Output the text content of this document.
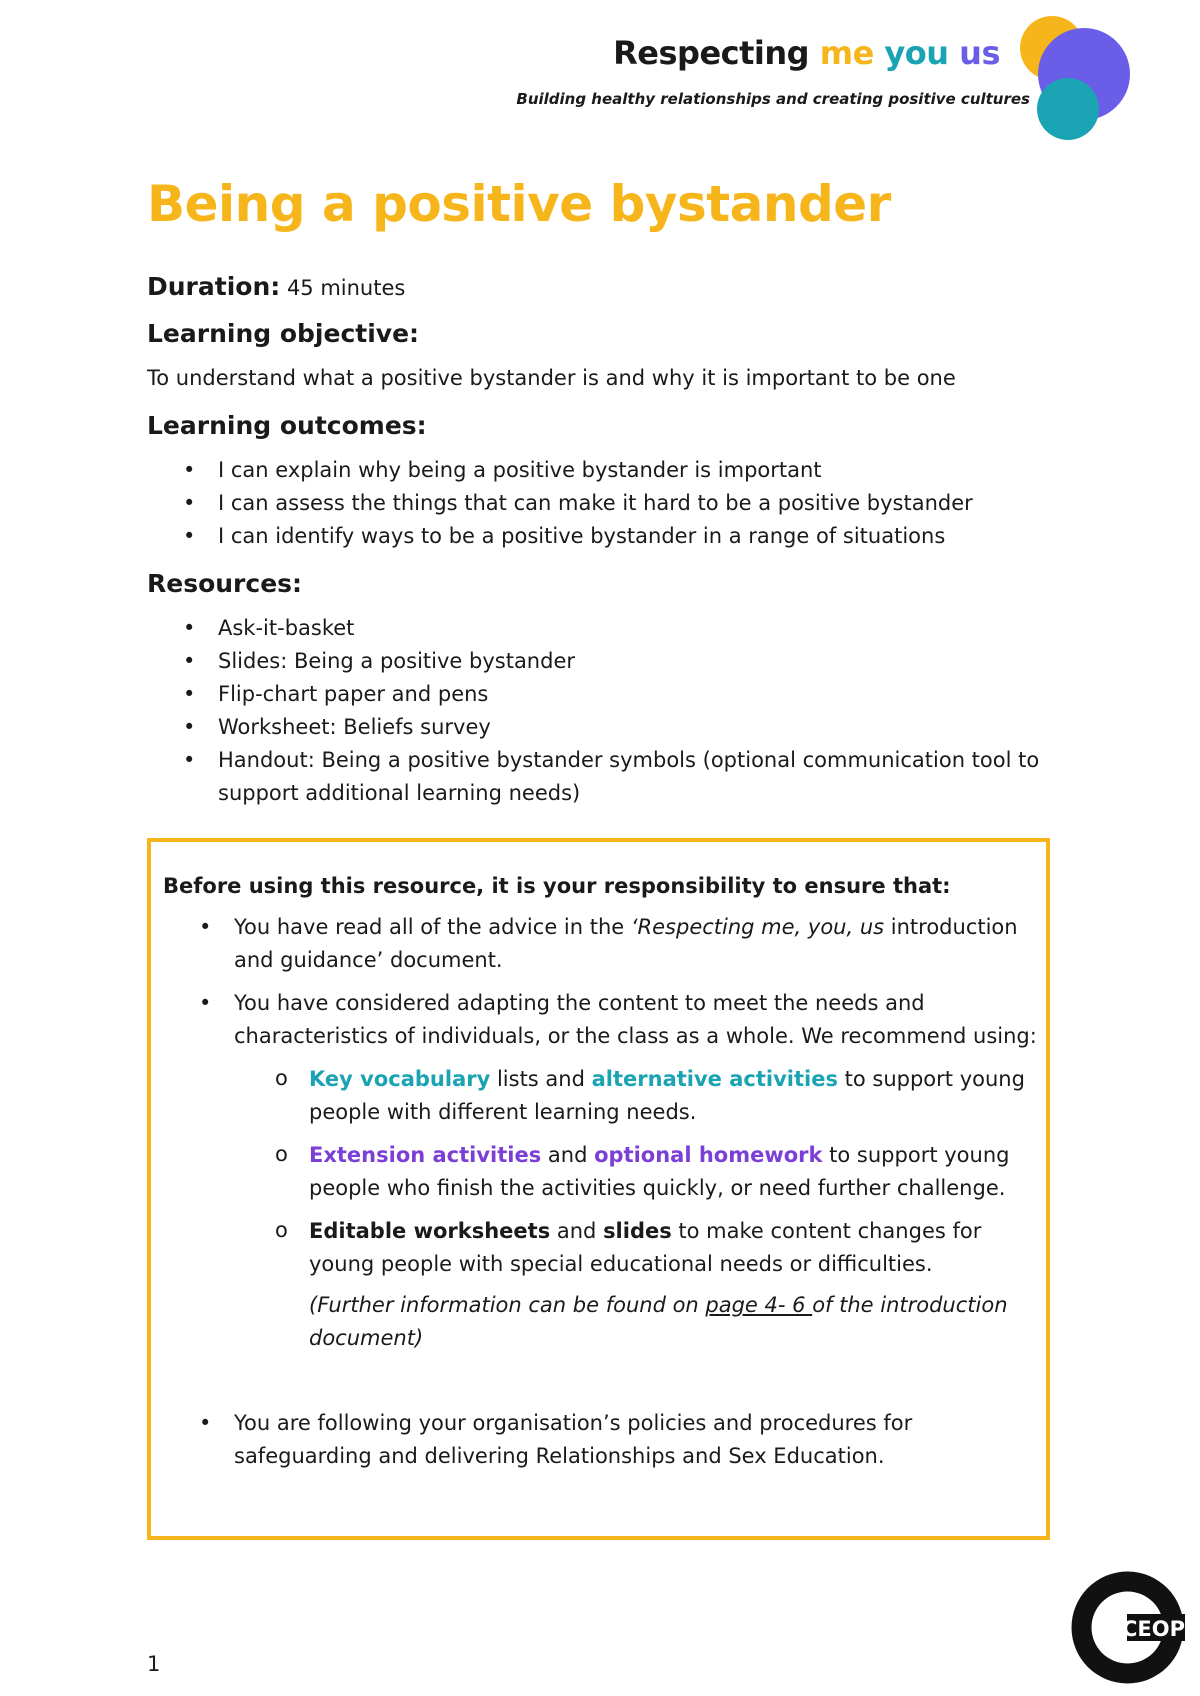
Respecting me you us
Building healthy relationships and creating positive cultures
Being a positive bystander

Duration: 45 minutes

Learning objective:

To understand what a positive bystander is and why it is important to be one

Learning outcomes:

• I can explain why being a positive bystander is important
• I can assess the things that can make it hard to be a positive bystander
• I can identify ways to be a positive bystander in a range of situations

Resources:

• Ask-it-basket
• Slides: Being a positive bystander
• Flip-chart paper and pens
• Worksheet: Beliefs survey
• Handout: Being a positive bystander symbols (optional communication tool to support additional learning needs)

Before using this resource, it is your responsibility to ensure that:

• You have read all of the advice in the ‘Respecting me, you, us introduction and guidance’ document.

• You have considered adapting the content to meet the needs and characteristics of individuals, or the class as a whole. We recommend using:

o Key vocabulary lists and alternative activities to support young people with different learning needs.

o Extension activities and optional homework to support young people who finish the activities quickly, or need further challenge.

o Editable worksheets and slides to make content changes for young people with special educational needs or difficulties.

(Further information can be found on page 4- 6 of the introduction document)

• You are following your organisation’s policies and procedures for safeguarding and delivering Relationships and Sex Education.

1
CEOP
